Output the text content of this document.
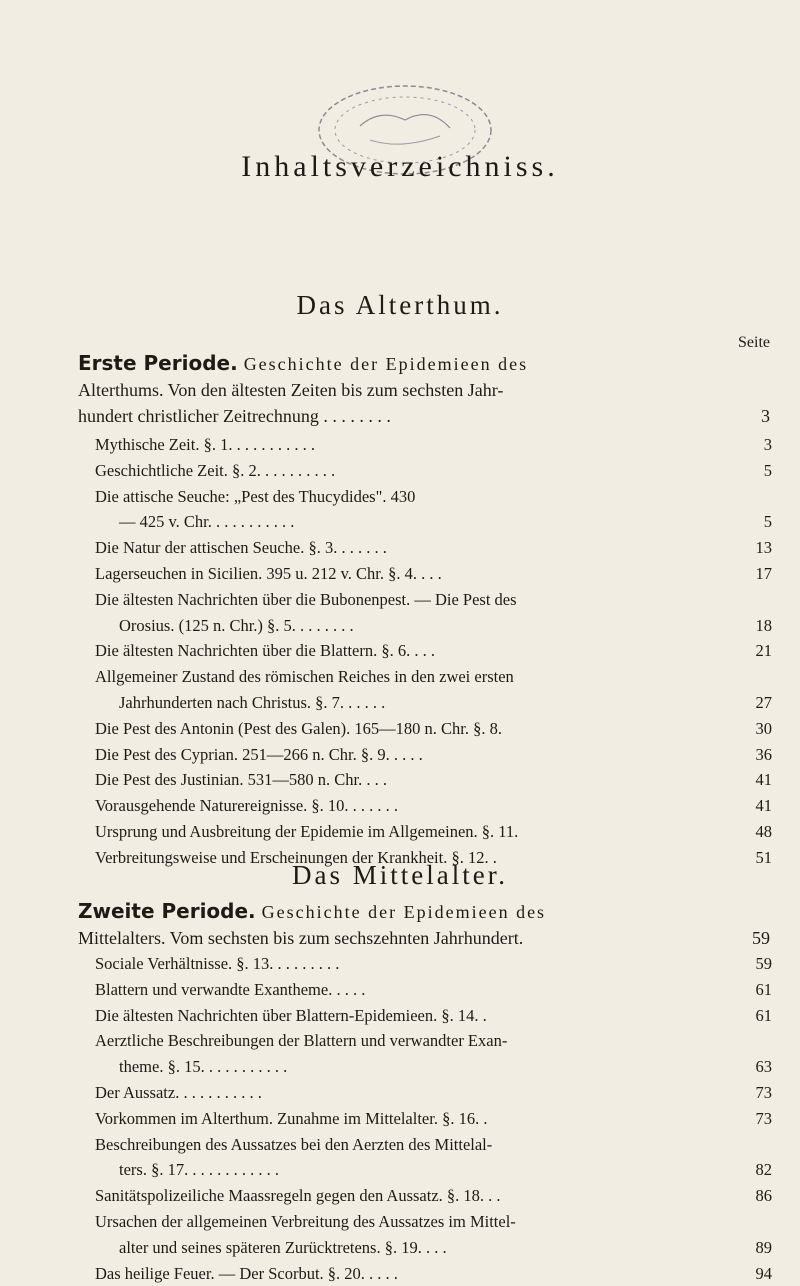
Inhaltsverzeichniss.
Das Alterthum.
Seite
Erste Periode. Geschichte der Epidemieen des
Alterthums. Von den ältesten Zeiten bis zum sechsten Jahr-
hundert christlicher Zeitrechnung . . . . . . . .	3
Mythische Zeit. §. 1. . . . . . . . . . .	3
Geschichtliche Zeit. §. 2. . . . . . . . . .	5
Die attische Seuche: „Pest des Thucydides". 430
— 425 v. Chr. . . . . . . . . . .	5
Die Natur der attischen Seuche. §. 3. . . . . . .	13
Lagerseuchen in Sicilien. 395 u. 212 v. Chr. §. 4. . . .	17
Die ältesten Nachrichten über die Bubonenpest. — Die Pest des
Orosius. (125 n. Chr.) §. 5. . . . . . . .	18
Die ältesten Nachrichten über die Blattern. §. 6. . . .	21
Allgemeiner Zustand des römischen Reiches in den zwei ersten
Jahrhunderten nach Christus. §. 7. . . . . .	27
Die Pest des Antonin (Pest des Galen). 165—180 n. Chr. §. 8.	30
Die Pest des Cyprian. 251—266 n. Chr. §. 9. . . . .	36
Die Pest des Justinian. 531—580 n. Chr. . . .	41
Vorausgehende Naturereignisse. §. 10. . . . . . .	41
Ursprung und Ausbreitung der Epidemie im Allgemeinen. §. 11.	48
Verbreitungsweise und Erscheinungen der Krankheit. §. 12. .	51
Das Mittelalter.
Zweite Periode. Geschichte der Epidemieen des
Mittelalters. Vom sechsten bis zum sechszehnten Jahrhundert.	59
Sociale Verhältnisse. §. 13. . . . . . . . .	59
Blattern und verwandte Exantheme. . . . .	61
Die ältesten Nachrichten über Blattern-Epidemieen. §. 14. .	61
Aerztliche Beschreibungen der Blattern und verwandter Exan-
theme. §. 15. . . . . . . . . . .	63
Der Aussatz. . . . . . . . . . .	73
Vorkommen im Alterthum. Zunahme im Mittelalter. §. 16. .	73
Beschreibungen des Aussatzes bei den Aerzten des Mittelal-
ters. §. 17. . . . . . . . . . . .	82
Sanitätspolizeiliche Maassregeln gegen den Aussatz. §. 18. . .	86
Ursachen der allgemeinen Verbreitung des Aussatzes im Mittel-
alter und seines späteren Zurücktretens. §. 19. . . .	89
Das heilige Feuer. — Der Scorbut. §. 20. . . . .	94
